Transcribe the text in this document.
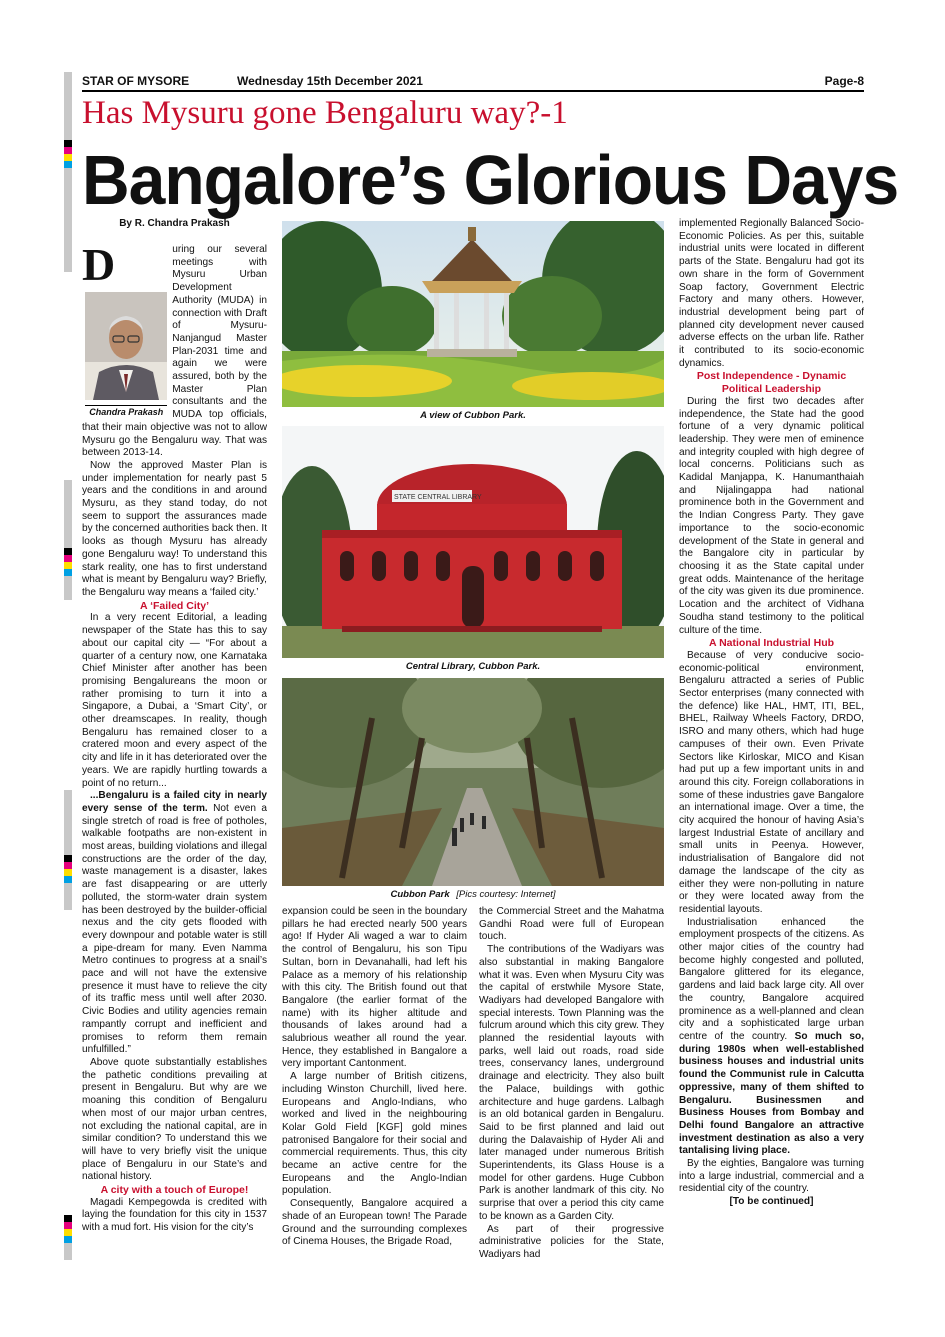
STAR OF MYSORE	Wednesday 15th December 2021	Page-8
Has Mysuru gone Bengaluru way?-1
Bangalore’s Glorious Days
By R. Chandra Prakash

D
Chandra Prakash
uring our several meetings with Mysuru Urban Development Authority (MUDA) in connection with Draft of Mysuru-Nanjangud Master Plan-2031 time and again we were assured, both by the Master Plan consultants and the MUDA top officials, that their main objective was not to allow Mysuru go the Bengaluru way. That was between 2013-14.

Now the approved Master Plan is under implementation for nearly past 5 years and the conditions in and around Mysuru, as they stand today, do not seem to support the assurances made by the concerned authorities back then. It looks as though Mysuru has already gone Bengaluru way! To understand this stark reality, one has to first understand what is meant by Bengaluru way? Briefly, the Bengaluru way means a ‘failed city.’

A ‘Failed City’

In a very recent Editorial, a leading newspaper of the State has this to say about our capital city — “For about a quarter of a century now, one Karnataka Chief Minister after another has been promising Bengalureans the moon or rather promising to turn it into a Singapore, a Dubai, a ‘Smart City’, or other dreamscapes. In reality, though Bengaluru has remained closer to a cratered moon and every aspect of the city and life in it has deteriorated over the years. We are rapidly hurtling towards a point of no return...

...Bengaluru is a failed city in nearly every sense of the term. Not even a single stretch of road is free of potholes, walkable footpaths are non-existent in most areas, building violations and illegal constructions are the order of the day, waste management is a disaster, lakes are fast disappearing or are utterly polluted, the storm-water drain system has been destroyed by the builder-official nexus and the city gets flooded with every downpour and potable water is still a pipe-dream for many. Even Namma Metro continues to progress at a snail’s pace and will not have the extensive presence it must have to relieve the city of its traffic mess until well after 2030. Civic Bodies and utility agencies remain rampantly corrupt and inefficient and promises to reform them remain unfulfilled.”

Above quote substantially establishes the pathetic conditions prevailing at present in Bengaluru. But why are we moaning this condition of Bengaluru when most of our major urban centres, not excluding the national capital, are in similar condition? To understand this we will have to very briefly visit the unique place of Bengaluru in our State’s and national history.

A city with a touch of Europe!

Magadi Kempegowda is credited with laying the foundation for this city in 1537 with a mud fort. His vision for the city’s

A view of Cubbon Park.
STATE CENTRAL LIBRARY
Central Library, Cubbon Park.
Cubbon Park [Pics courtesy: Internet]

expansion could be seen in the boundary pillars he had erected nearly 500 years ago! If Hyder Ali waged a war to claim the control of Bengaluru, his son Tipu Sultan, born in Devanahalli, had left his Palace as a memory of his relationship with this city. The British found out that Bangalore (the earlier format of the name) with its higher altitude and thousands of lakes around had a salubrious weather all round the year. Hence, they established in Bangalore a very important Cantonment.

A large number of British citizens, including Winston Churchill, lived here. Europeans and Anglo-Indians, who worked and lived in the neighbouring Kolar Gold Field [KGF] gold mines patronised Bangalore for their social and commercial requirements. Thus, this city became an active centre for the Europeans and the Anglo-Indian population.

Consequently, Bangalore acquired a shade of an European town! The Parade Ground and the surrounding complexes of Cinema Houses, the Brigade Road,

the Commercial Street and the Mahatma Gandhi Road were full of European touch.

The contributions of the Wadiyars was also substantial in making Bangalore what it was. Even when Mysuru City was the capital of erstwhile Mysore State, Wadiyars had developed Bangalore with special interests. Town Planning was the fulcrum around which this city grew. They planned the residential layouts with parks, well laid out roads, road side trees, conservancy lanes, underground drainage and electricity. They also built the Palace, buildings with gothic architecture and huge gardens. Lalbagh is an old botanical garden in Bengaluru. Said to be first planned and laid out during the Dalavaiship of Hyder Ali and later managed under numerous British Superintendents, its Glass House is a model for other gardens. Huge Cubbon Park is another landmark of this city. No surprise that over a period this city came to be known as a Garden City.

As part of their progressive administrative policies for the State, Wadiyars had

implemented Regionally Balanced Socio-Economic Policies. As per this, suitable industrial units were located in different parts of the State. Bengaluru had got its own share in the form of Government Soap factory, Government Electric Factory and many others. However, industrial development being part of planned city development never caused adverse effects on the urban life. Rather it contributed to its socio-economic dynamics.

Post Independence - Dynamic Political Leadership

During the first two decades after independence, the State had the good fortune of a very dynamic political leadership. They were men of eminence and integrity coupled with high degree of local concerns. Politicians such as Kadidal Manjappa, K. Hanumanthaiah and Nijalingappa had national prominence both in the Government and the Indian Congress Party. They gave importance to the socio-economic development of the State in general and the Bangalore city in particular by choosing it as the State capital under great odds. Maintenance of the heritage of the city was given its due prominence. Location and the architect of Vidhana Soudha stand testimony to the political culture of the time.

A National Industrial Hub

Because of very conducive socio-economic-political environment, Bengaluru attracted a series of Public Sector enterprises (many connected with the defence) like HAL, HMT, ITI, BEL, BHEL, Railway Wheels Factory, DRDO, ISRO and many others, which had huge campuses of their own. Even Private Sectors like Kirloskar, MICO and Kisan had put up a few important units in and around this city. Foreign collaborations in some of these industries gave Bangalore an international image. Over a time, the city acquired the honour of having Asia’s largest Industrial Estate of ancillary and small units in Peenya. However, industrialisation of Bangalore did not damage the landscape of the city as either they were non-polluting in nature or they were located away from the residential layouts.

Industrialisation enhanced the employment prospects of the citizens. As other major cities of the country had become highly congested and polluted, Bangalore glittered for its elegance, gardens and laid back large city. All over the country, Bangalore acquired prominence as a well-planned and clean city and a sophisticated large urban centre of the country. So much so, during 1980s when well-established business houses and industrial units found the Communist rule in Calcutta oppressive, many of them shifted to Bengaluru. Businessmen and Business Houses from Bombay and Delhi found Bangalore an attractive investment destination as also a very tantalising living place.

By the eighties, Bangalore was turning into a large industrial, commercial and a residential city of the country.

[To be continued]
